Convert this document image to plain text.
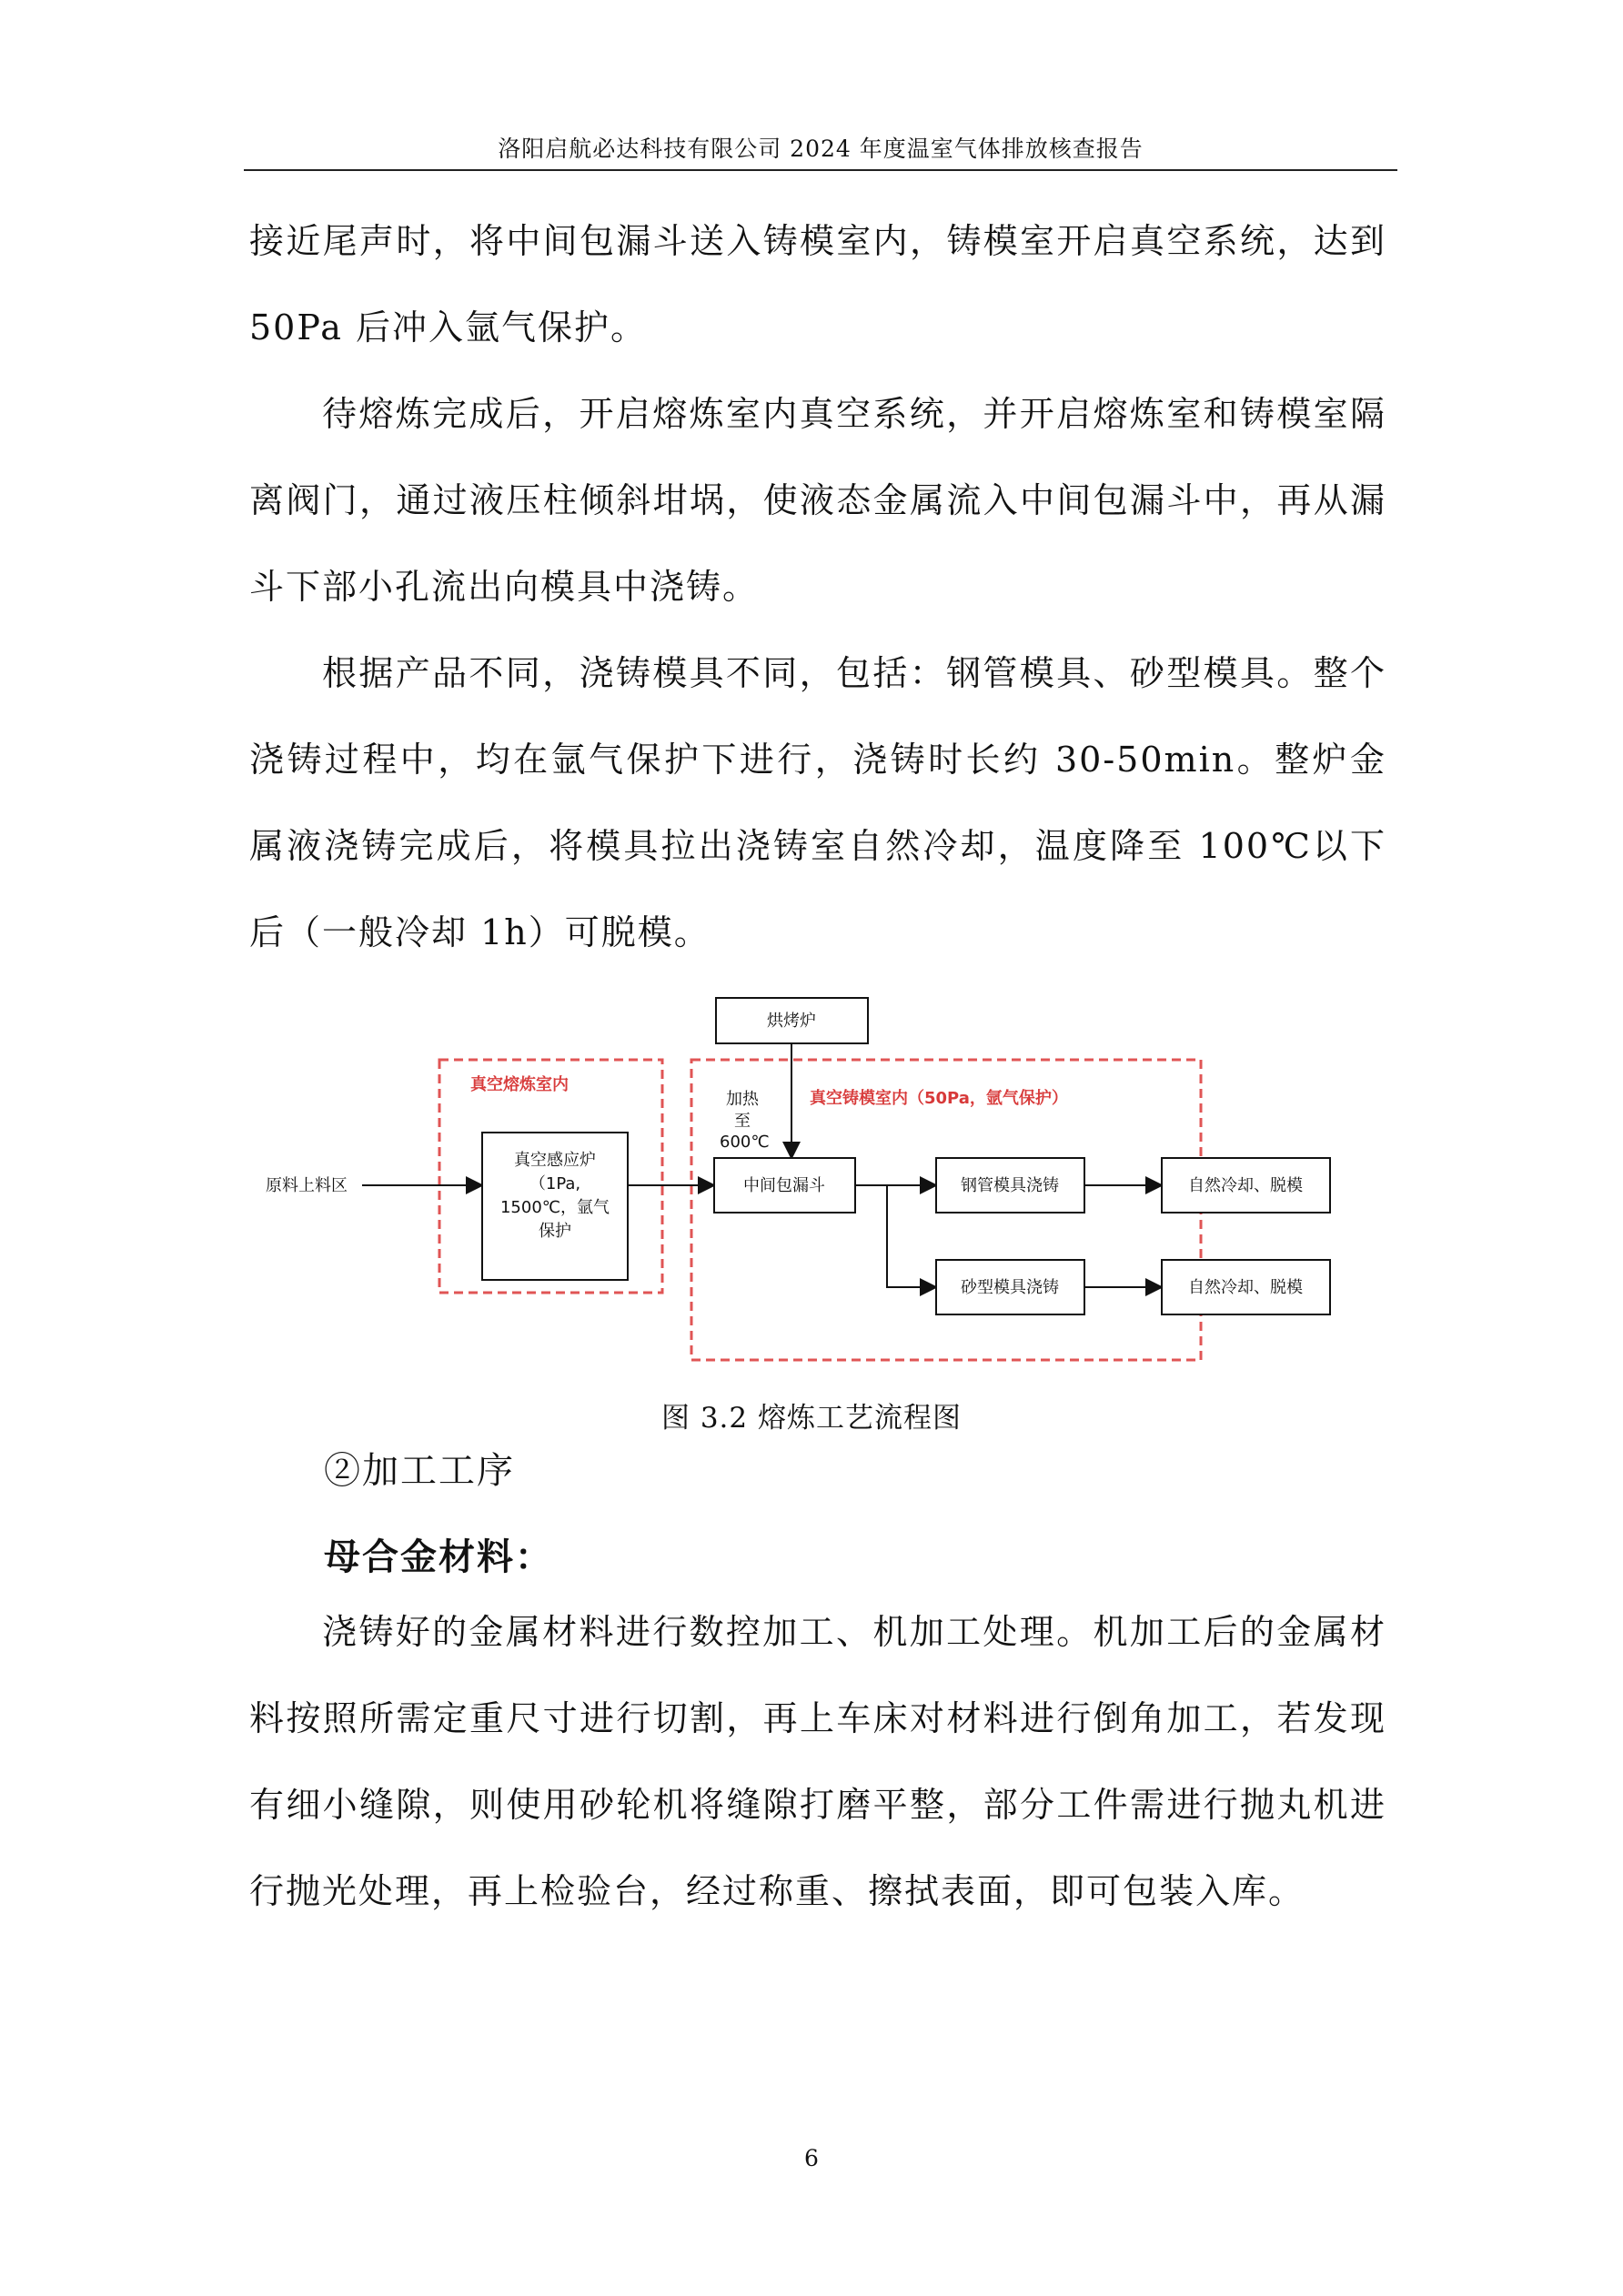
洛阳启航必达科技有限公司 2024 年度温室气体排放核查报告

接近尾声时，将中间包漏斗送入铸模室内，铸模室开启真空系统，达到 50Pa 后冲入氩气保护。

待熔炼完成后，开启熔炼室内真空系统，并开启熔炼室和铸模室隔离阀门，通过液压柱倾斜坩埚，使液态金属流入中间包漏斗中，再从漏斗下部小孔流出向模具中浇铸。

根据产品不同，浇铸模具不同，包括：钢管模具、砂型模具。整个浇铸过程中，均在氩气保护下进行，浇铸时长约 30-50min。整炉金属液浇铸完成后，将模具拉出浇铸室自然冷却，温度降至 100℃以下后（一般冷却 1h）可脱模。

真空熔炼室内
真空铸模室内（50Pa，氩气保护）
烘烤炉
加热
至
600℃
原料上料区
真空感应炉
（1Pa,
1500℃，氩气
保护
中间包漏斗	钢管模具浇铸
砂型模具浇铸
自然冷却、脱模
自然冷却、脱模
图 3.2 熔炼工艺流程图

②加工工序

母合金材料：

浇铸好的金属材料进行数控加工、机加工处理。机加工后的金属材料按照所需定重尺寸进行切割，再上车床对材料进行倒角加工，若发现有细小缝隙，则使用砂轮机将缝隙打磨平整，部分工件需进行抛丸机进行抛光处理，再上检验台，经过称重、擦拭表面，即可包装入库。

6
